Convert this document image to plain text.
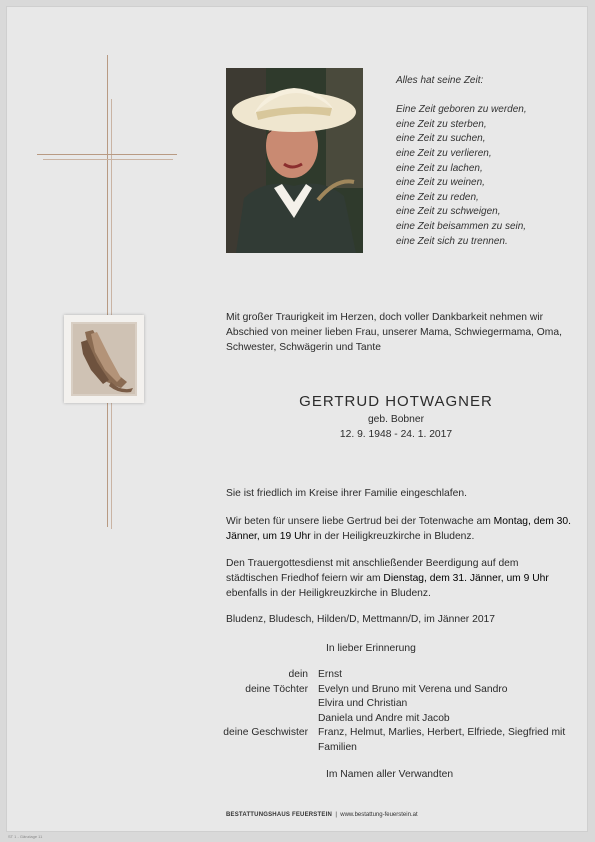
Alles hat seine Zeit:
Eine Zeit geboren zu werden,
eine Zeit zu sterben,
eine Zeit zu suchen,
eine Zeit zu verlieren,
eine Zeit zu lachen,
eine Zeit zu weinen,
eine Zeit zu reden,
eine Zeit zu schweigen,
eine Zeit beisammen zu sein,
eine Zeit sich zu trennen.
Mit großer Traurigkeit im Herzen, doch voller Dankbarkeit nehmen wir Abschied von meiner lieben Frau, unserer Mama, Schwiegermama, Oma, Schwester, Schwägerin und Tante
GERTRUD HOTWAGNER
geb. Bobner
12. 9. 1948 - 24. 1. 2017
Sie ist friedlich im Kreise ihrer Familie eingeschlafen.
Wir beten für unsere liebe Gertrud bei der Totenwache am Montag, dem 30. Jänner, um 19 Uhr in der Heiligkreuzkirche in Bludenz.
Den Trauergottesdienst mit anschließender Beerdigung auf dem städtischen Friedhof feiern wir am Dienstag, dem 31. Jänner, um 9 Uhr ebenfalls in der Heiligkreuzkirche in Bludenz.
Bludenz, Bludesch, Hilden/D, Mettmann/D, im Jänner 2017
In lieber Erinnerung
dein Ernst
deine Töchter Evelyn und Bruno mit Verena und Sandro
Elvira und Christian
Daniela und Andre mit Jacob
deine Geschwister Franz, Helmut, Marlies, Herbert, Elfriede, Siegfried mit Familien
Im Namen aller Verwandten
BESTATTUNGSHAUS FEUERSTEIN | www.bestattung-feuerstein.at
ST 1 - Gänzlage 11
